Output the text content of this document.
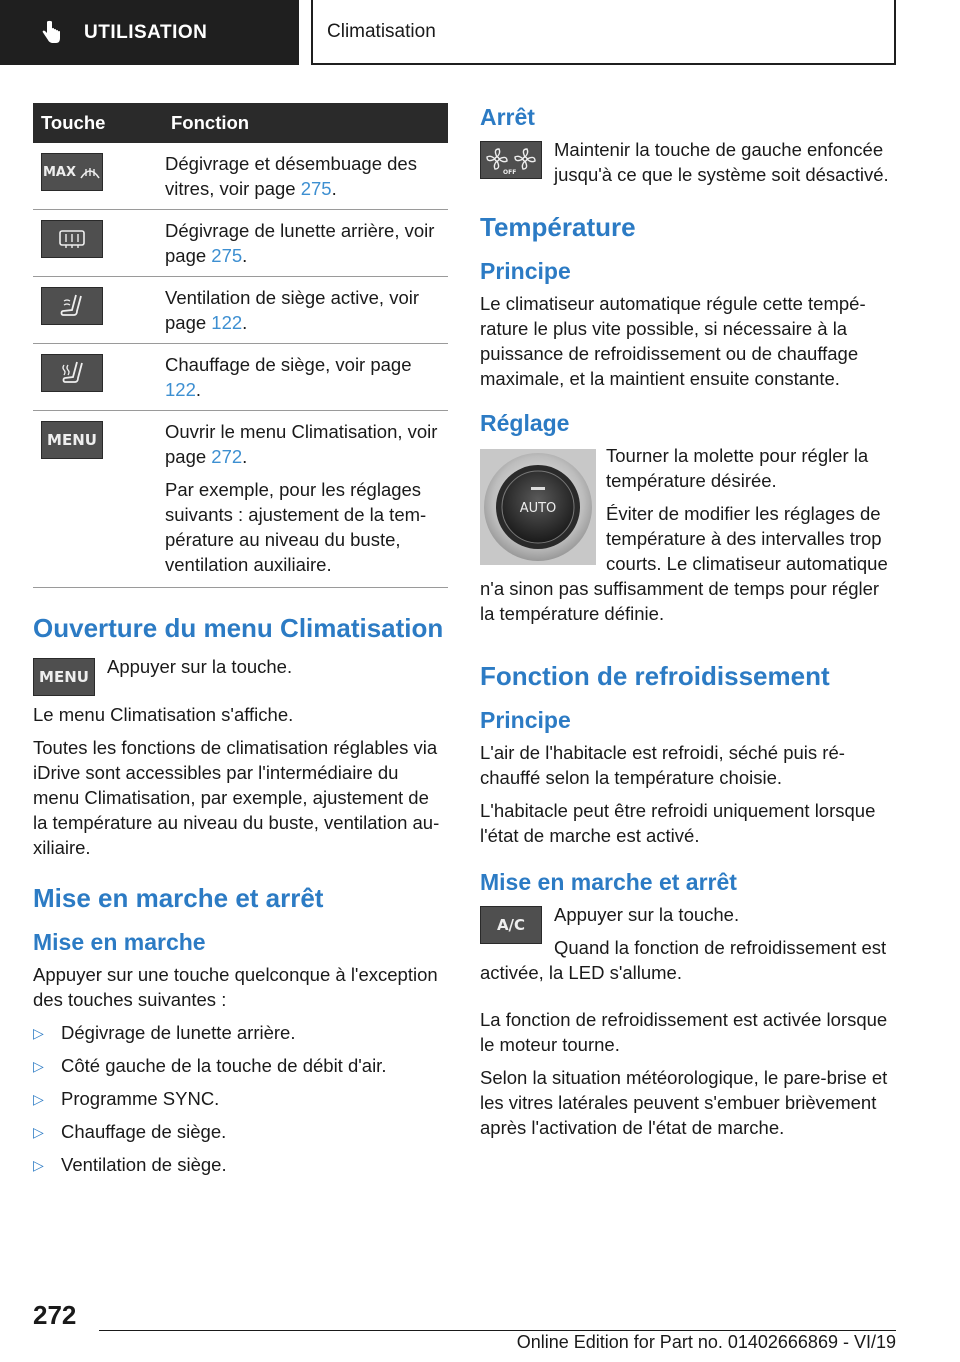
UTILISATION	Climatisation
Touche	Fonction

MAX	Dégivrage et désembuage des vitres, voir page 275.

Dégivrage de lunette arrière, voir page 275.

Ventilation de siège active, voir page 122.

Chauffage de siège, voir page 122.

MENU	Ouvrir le menu Climatisation, voir page 272.
Par exemple, pour les réglages suivants : ajustement de la température au niveau du buste, ventilation auxiliaire.
Ouverture du menu Climatisation
MENU Appuyer sur la touche.
Le menu Climatisation s'affiche.
Toutes les fonctions de climatisation réglables via iDrive sont accessibles par l'intermédiaire du menu Climatisation, par exemple, ajustement de la température au niveau du buste, ventilation auxiliaire.
Mise en marche et arrêt
Mise en marche
Appuyer sur une touche quelconque à l'exception des touches suivantes :
▷ Dégivrage de lunette arrière.
▷ Côté gauche de la touche de débit d'air.
▷ Programme SYNC.
▷ Chauffage de siège.
▷ Ventilation de siège.
Arrêt
OFF
Maintenir la touche de gauche enfoncée jusqu'à ce que le système soit désactivé.
Température
Principe
Le climatiseur automatique régule cette température le plus vite possible, si nécessaire à la puissance de refroidissement ou de chauffage maximale, et la maintient ensuite constante.
Réglage
AUTO
Tourner la molette pour régler la température désirée.
Éviter de modifier les réglages de température à des intervalles trop courts. Le climatiseur automatique n'a sinon pas suffisamment de temps pour régler la température définie.
Fonction de refroidissement
Principe
L'air de l'habitacle est refroidi, séché puis réchauffé selon la température choisie.
L'habitacle peut être refroidi uniquement lorsque l'état de marche est activé.
Mise en marche et arrêt
A/C	Appuyer sur la touche.
Quand la fonction de refroidissement est activée, la LED s'allume.
La fonction de refroidissement est activée lorsque le moteur tourne.
Selon la situation météorologique, le pare-brise et les vitres latérales peuvent s'embuer brièvement après l'activation de l'état de marche.
272
Online Edition for Part no. 01402666869 - VI/19
